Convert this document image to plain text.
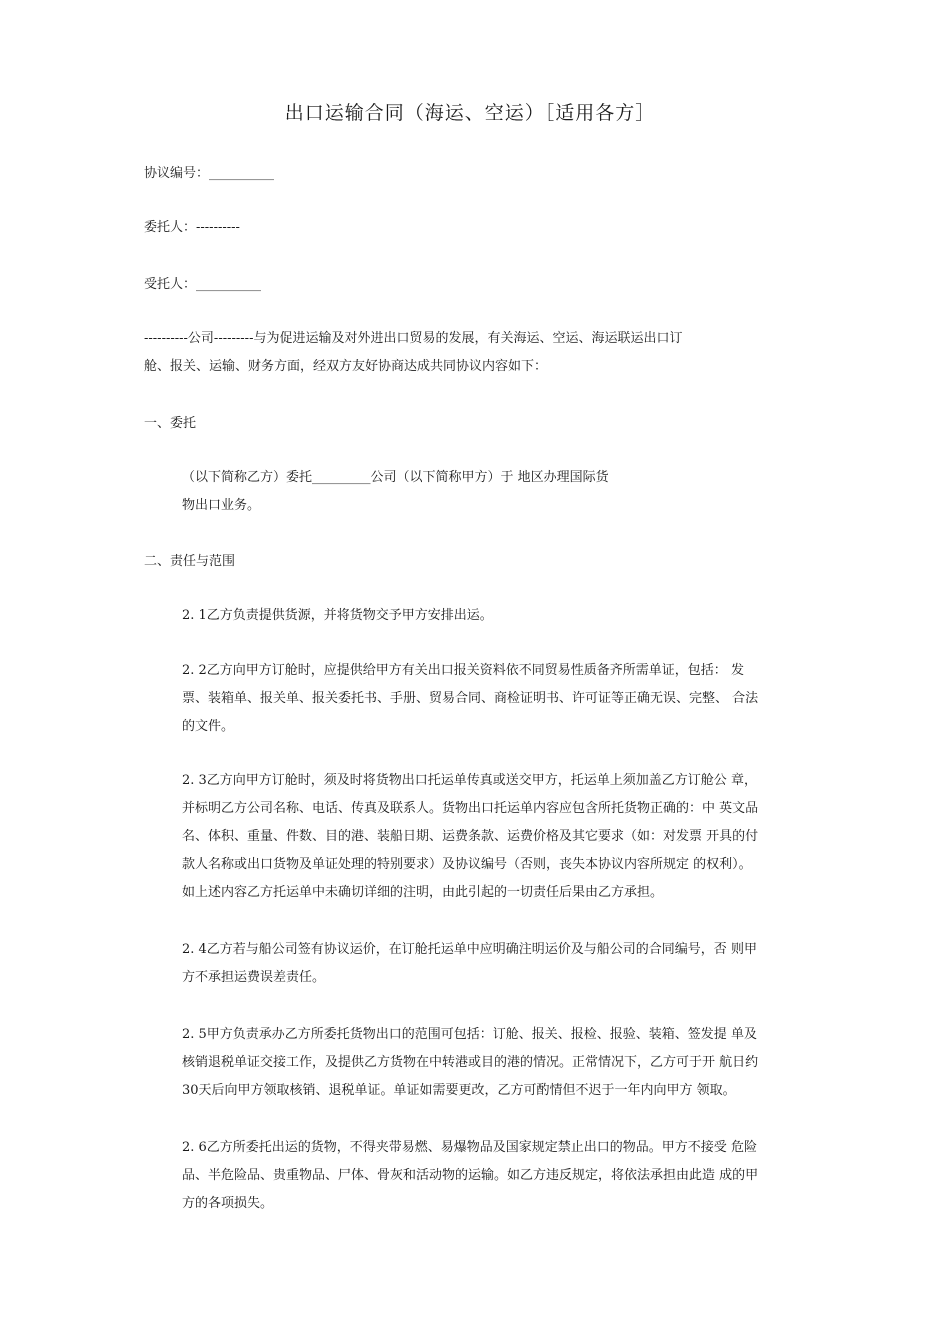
出口运输合同（海运、空运）［适用各方］
协议编号：__________
委托人：----------
受托人：__________
----------公司---------与为促进运输及对外进出口贸易的发展，有关海运、空运、海运联运出口订
舱、报关、运输、财务方面，经双方友好协商达成共同协议内容如下：
一、委托
（以下简称乙方）委托_________公司（以下简称甲方）于 地区办理国际货
物出口业务。
二、责任与范围
2. 1乙方负责提供货源，并将货物交予甲方安排出运。
2. 2乙方向甲方订舱时，应提供给甲方有关出口报关资料依不同贸易性质备齐所需单证，包括： 发
票、装箱单、报关单、报关委托书、手册、贸易合同、商检证明书、许可证等正确无误、完整、 合法
的文件。
2. 3乙方向甲方订舱时，须及时将货物出口托运单传真或送交甲方，托运单上须加盖乙方订舱公 章，
并标明乙方公司名称、电话、传真及联系人。货物出口托运单内容应包含所托货物正确的：中 英文品
名、体积、重量、件数、目的港、装船日期、运费条款、运费价格及其它要求（如：对发票 开具的付
款人名称或出口货物及单证处理的特别要求）及协议编号（否则，丧失本协议内容所规定 的权利）。
如上述内容乙方托运单中未确切详细的注明，由此引起的一切责任后果由乙方承担。
2. 4乙方若与船公司签有协议运价，在订舱托运单中应明确注明运价及与船公司的合同编号，否 则甲
方不承担运费误差责任。
2. 5甲方负责承办乙方所委托货物出口的范围可包括：订舱、报关、报检、报验、装箱、签发提 单及
核销退税单证交接工作，及提供乙方货物在中转港或目的港的情况。正常情况下，乙方可于开 航日约
30天后向甲方领取核销、退税单证。单证如需要更改，乙方可酌情但不迟于一年内向甲方 领取。
2. 6乙方所委托出运的货物，不得夹带易燃、易爆物品及国家规定禁止出口的物品。甲方不接受 危险
品、半危险品、贵重物品、尸体、骨灰和活动物的运输。如乙方违反规定，将依法承担由此造 成的甲
方的各项损失。
